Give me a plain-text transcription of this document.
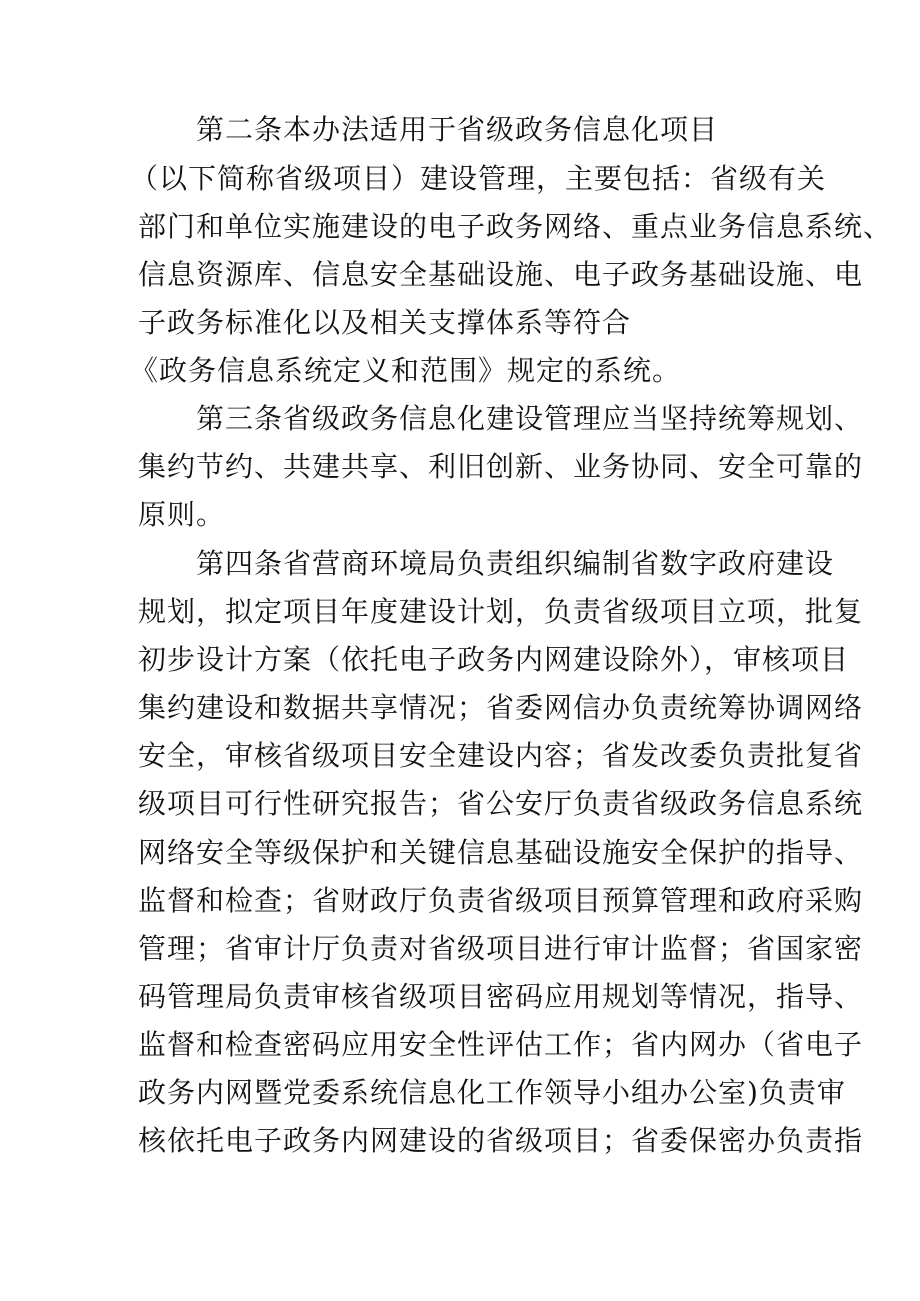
第二条本办法适用于省级政务信息化项目
（以下简称省级项目）建设管理，主要包括：省级有关
部门和单位实施建设的电子政务网络、重点业务信息系统、
信息资源库、信息安全基础设施、电子政务基础设施、电
子政务标准化以及相关支撑体系等符合
《政务信息系统定义和范围》规定的系统。
第三条省级政务信息化建设管理应当坚持统筹规划、
集约节约、共建共享、利旧创新、业务协同、安全可靠的
原则。
第四条省营商环境局负责组织编制省数字政府建设
规划，拟定项目年度建设计划，负责省级项目立项，批复
初步设计方案（依托电子政务内网建设除外），审核项目
集约建设和数据共享情况；省委网信办负责统筹协调网络
安全，审核省级项目安全建设内容；省发改委负责批复省
级项目可行性研究报告；省公安厅负责省级政务信息系统
网络安全等级保护和关键信息基础设施安全保护的指导、
监督和检查；省财政厅负责省级项目预算管理和政府采购
管理；省审计厅负责对省级项目进行审计监督；省国家密
码管理局负责审核省级项目密码应用规划等情况，指导、
监督和检查密码应用安全性评估工作；省内网办（省电子
政务内网暨党委系统信息化工作领导小组办公室)负责审
核依托电子政务内网建设的省级项目；省委保密办负责指
